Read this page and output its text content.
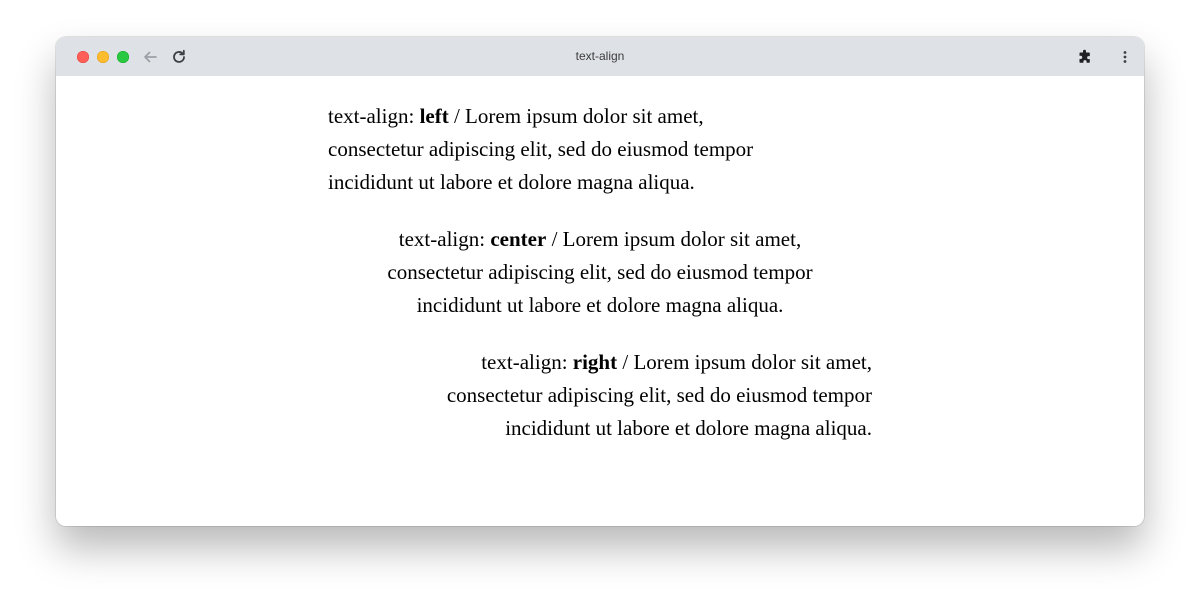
text-align

text-align: left / Lorem ipsum dolor sit amet,
consectetur adipiscing elit, sed do eiusmod tempor
incididunt ut labore et dolore magna aliqua.

text-align: center / Lorem ipsum dolor sit amet,
consectetur adipiscing elit, sed do eiusmod tempor
incididunt ut labore et dolore magna aliqua.

text-align: right / Lorem ipsum dolor sit amet,
consectetur adipiscing elit, sed do eiusmod tempor
incididunt ut labore et dolore magna aliqua.
